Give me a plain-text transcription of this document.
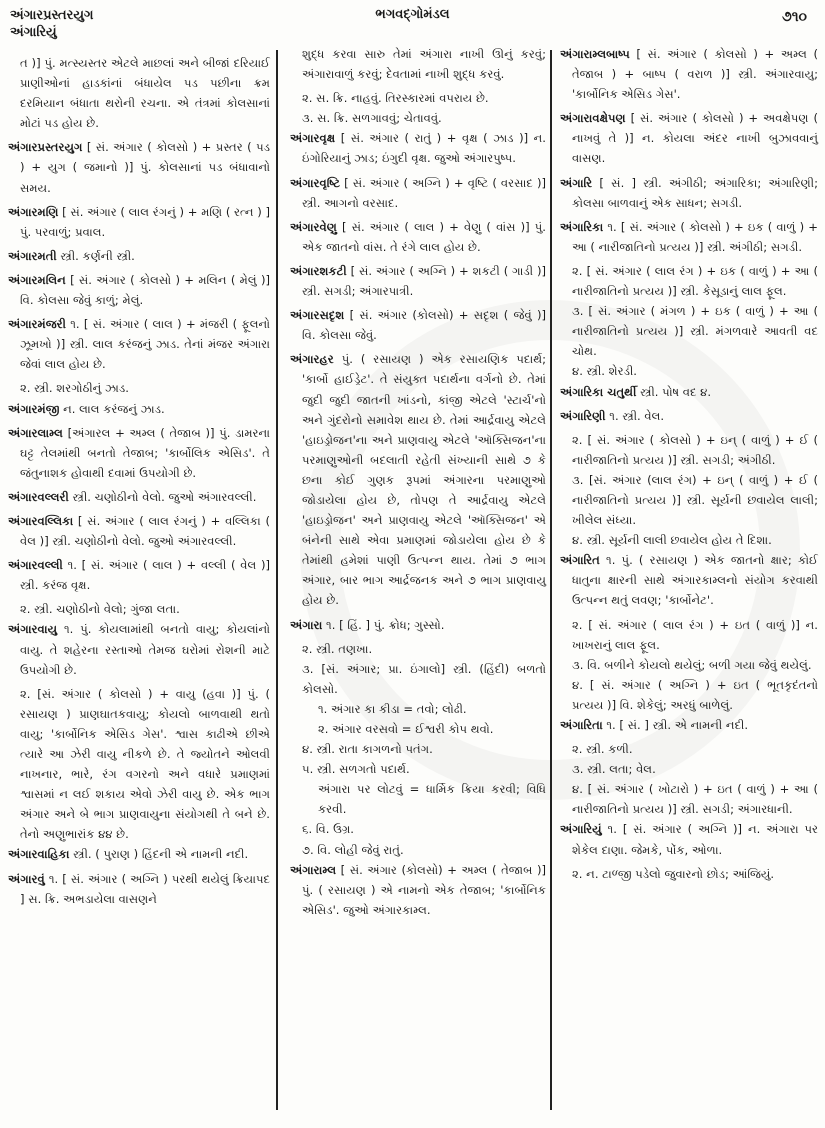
અંગારપ્રસ્તરયુગ
અંગારિયું
ભગવદ્ગોમંડલ	૭૧૦

ત )] પું. મત્સ્યસ્તર એટલે માછલાં અને બીજાં દરિયાઈ પ્રાણીઓનાં હાડકાંનાં બંધાયેલ પડ પછીના ક્રમ દરમિયાન બંધાતા થરોની રચના. એ તંત્રમાં કોલસાનાં મોટાં પડ હોય છે.

અંગારપ્રસ્તરયુગ [ સં. અંગાર ( કોલસો ) + પ્રસ્તર ( પડ ) + યુગ ( જમાનો )] પું. કોલસાનાં પડ બંધાવાનો સમય.

અંગારમણિ [ સં. અંગાર ( લાલ રંગનું ) + મણિ ( રત્ન ) ] પું. પરવાળું; પ્રવાલ.

અંગારમતી સ્ત્રી. કર્ણની સ્ત્રી.

અંગારમલિન [ સં. અંગાર ( કોલસો ) + મલિન ( મેલું )] વિ. કોલસા જેવું કાળું; મેલું.

અંગારમંજરી ૧. [ સં. અંગાર ( લાલ ) + મંજરી ( ફૂલનો ઝૂમખો )] સ્ત્રી. લાલ કરંજનું ઝાડ. તેનાં મંજર અંગારા જેવાં લાલ હોય છે.

૨. સ્ત્રી. શરગોઠીનું ઝાડ.

અંગારમંજી ન. લાલ કરંજનું ઝાડ.

અંગારલામ્લ [અંગારલ + અમ્લ ( તેજાબ )] પું. ડામરના ઘટ્ટ તેલમાંથી બનતો તેજાબ; 'કાર્બોલિક એસિડ'. તે જંતુનાશક હોવાથી દવામાં ઉપયોગી છે.

અંગારવલ્લરી સ્ત્રી. ચણોઠીનો વેલો. જુઓ અંગારવલ્લી.

અંગારવલ્લિકા [ સં. અંગાર ( લાલ રંગનું ) + વલ્લિકા ( વેલ )] સ્ત્રી. ચણોઠીનો વેલો. જુઓ અંગારવલ્લી.

અંગારવલ્લી ૧. [ સં. અંગાર ( લાલ ) + વલ્લી ( વેલ )] સ્ત્રી. કરંજ વૃક્ષ.

૨. સ્ત્રી. ચણોઠીનો વેલો; ગુંજા લતા.

અંગારવાયુ ૧. પું. કોયલામાંથી બનતો વાયુ; કોયલાંનો વાયુ. તે શહેરના રસ્તાઓ તેમજ ઘરોમાં રોશની માટે ઉપયોગી છે.

૨. [સં. અંગાર ( કોલસો ) + વાયુ (હવા )] પું. ( રસાયણ ) પ્રાણઘાતકવાયુ; કોયલો બાળવાથી થતો વાયુ; 'કાર્બોનિક એસિડ ગેસ'. શ્વાસ કાઢીએ છીએ ત્યારે આ ઝેરી વાયુ નીકળે છે. તે જ્યોતને ઓલવી નાખનાર, ભારે, રંગ વગરનો અને વધારે પ્રમાણમાં શ્વાસમાં ન લઈ શકાય એવો ઝેરી વાયુ છે. એક ભાગ અંગાર અને બે ભાગ પ્રાણવાયુના સંયોગથી તે બને છે. તેનો અણુભારાંક ૪૪ છે.

અંગારવાહિકા સ્ત્રી. ( પુરાણ ) હિંદની એ નામની નદી.

અંગારવું ૧. [ સં. અંગાર ( અગ્નિ ) પરથી થયેલું ક્રિયાપદ ] સ. ક્રિ. અભડાયેલા વાસણને

શુદ્ધ કરવા સારુ તેમાં અંગારા નાખી ઊનું કરવું; અંગારાવાળું કરવું; દેવતામાં નાખી શુદ્ધ કરવું.

૨. સ. ક્રિ. નાહવું. તિરસ્કારમાં વપરાય છે.

૩. સ. ક્રિ. સળગાવવું; ચેતાવવું.

અંગારવૃક્ષ [ સં. અંગાર ( રાતું ) + વૃક્ષ ( ઝાડ )] ન. ઇંગોરિયાનું ઝાડ; ઇંગુદી વૃક્ષ. જુઓ અંગારપુષ્પ.

અંગારવૃષ્ટિ [ સં. અંગાર ( અગ્નિ ) + વૃષ્ટિ ( વરસાદ )] સ્ત્રી. આગનો વરસાદ.

અંગારવેણુ [ સં. અંગાર ( લાલ ) + વેણુ ( વાંસ )] પું. એક જાતનો વાંસ. તે રંગે લાલ હોય છે.

અંગારશકટી [ સં. અંગાર ( અગ્નિ ) + શકટી ( ગાડી )] સ્ત્રી. સગડી; અંગારપાત્રી.

અંગારસદૃશ [ સં. અંગાર (કોલસો) + સદૃશ ( જેવું )] વિ. કોલસા જેવું.

અંગારહર પું. ( રસાયણ ) એક રસાયણિક પદાર્થ; 'કાર્બો હાઈડ્રેટ'. તે સંયુક્ત પદાર્થના વર્ગનો છે. તેમાં જુદી જુદી જાતની ખાંડનો, કાંજી એટલે 'સ્ટાર્ચ'નો અને ગુંદરોનો સમાવેશ થાય છે. તેમાં આર્દ્રવાયુ એટલે 'હાઇડ્રોજન'ના અને પ્રાણવાયુ એટલે 'ઑક્સિજન'ના પરમાણુઓની બદલાતી રહેતી સંખ્યાની સાથે ૭ કે છના કોઈ ગુણક રૂપમાં અંગારના પરમાણુઓ જોડાયેલા હોય છે, તોપણ તે આર્દ્રવાયુ એટલે 'હાઇડ્રોજન' અને પ્રાણવાયુ એટલે 'ઑક્સિજન' એ બંનેની સાથે એવા પ્રમાણમાં જોડાયેલા હોય છે કે તેમાંથી હમેશાં પાણી ઉત્પન્ન થાય. તેમાં ૭ ભાગ અંગાર, બાર ભાગ આર્દ્રજનક અને ૭ ભાગ પ્રાણવાયુ હોય છે.

અંગારા ૧. [ હિં. ] પું. ક્રોધ; ગુસ્સો.

૨. સ્ત્રી. તણખા.

૩. [સં. અંગાર; પ્રા. ઇંગાલો] સ્ત્રી. (હિંદી) બળતો કોલસો.

૧. અંગાર કા કીડા = તવો; લોઢી.

૨. અંગાર વરસવો = ઈશ્વરી કોપ થવો.

૪. સ્ત્રી. રાતા કાગળનો પતંગ.

૫. સ્ત્રી. સળગતો પદાર્થ.

અંગારા પર લોટવું = ધાર્મિક ક્રિયા કરવી; વિધિ કરવી.

૬. વિ. ઉગ્ર.

૭. વિ. લોહી જેવું રાતું.

અંગારામ્લ [ સં. અંગાર (કોલસો) + અમ્લ ( તેજાબ )] પું. ( રસાયણ ) એ નામનો એક તેજાબ; 'કાર્બોનિક એસિડ'. જુઓ અંગારકામ્લ.

અંગારામ્લબાષ્પ [ સં. અંગાર ( કોલસો ) + અમ્લ ( તેજાબ ) + બાષ્પ ( વરાળ )] સ્ત્રી. અંગારવાયુ; 'કાર્બોનિક એસિડ ગેસ'.

અંગારાવક્ષેપણ [ સં. અંગાર ( કોલસો ) + અવક્ષેપણ ( નાખવું તે )] ન. કોયલા અંદર નાખી બુઝાવવાનું વાસણ.

અંગારિ [ સં. ] સ્ત્રી. અંગીઠી; અંગારિકા; અંગારિણી; કોલસા બાળવાનું એક સાધન; સગડી.

અંગારિકા ૧. [ સં. અંગાર ( કોલસો ) + ઇક ( વાળું ) + આ ( નારીજાતિનો પ્રત્યય )] સ્ત્રી. અંગીઠી; સગડી.

૨. [ સં. અંગાર ( લાલ રંગ ) + ઇક ( વાળું ) + આ ( નારીજાતિનો પ્રત્યય )] સ્ત્રી. કેસૂડાનું લાલ ફૂલ.

૩. [ સં. અંગાર ( મંગળ ) + ઇક ( વાળું ) + આ ( નારીજાતિનો પ્રત્યય )] સ્ત્રી. મંગળવારે આવતી વદ ચોથ.

૪. સ્ત્રી. શેરડી.

અંગારિકા ચતુર્થી સ્ત્રી. પોષ વદ ૪.

અંગારિણી ૧. સ્ત્રી. વેલ.

૨. [ સં. અંગાર ( કોલસો ) + ઇન્ ( વાળું ) + ઈ ( નારીજાતિનો પ્રત્યય )] સ્ત્રી. સગડી; અંગીઠી.

૩. [સં. અંગાર (લાલ રંગ) + ઇન્ ( વાળું ) + ઈ ( નારીજાતિનો પ્રત્યય )] સ્ત્રી. સૂર્યની છવાયેલ લાલી; ખીલેલ સંધ્યા.

૪. સ્ત્રી. સૂર્યની લાલી છવાયેલ હોય તે દિશા.

અંગારિત ૧. પું. ( રસાયણ ) એક જાતનો ક્ષાર; કોઈ ધાતુના ક્ષારની સાથે અંગારકામ્લનો સંયોગ કરવાથી ઉત્પન્ન થતું લવણ; 'કાર્બોનેટ'.

૨. [ સં. અંગાર ( લાલ રંગ ) + ઇત ( વાળું )] ન. ખાખરાનું લાલ ફૂલ.

૩. વિ. બળીને કોયલો થયેલું; બળી ગયા જેવું થયેલું.

૪. [ સં. અંગાર ( અગ્નિ ) + ઇત ( ભૂતકૃદંતનો પ્રત્યય )] વિ. શેકેલું; અરધું બાળેલું.

અંગારિતા ૧. [ સં. ] સ્ત્રી. એ નામની નદી.

૨. સ્ત્રી. કળી.

૩. સ્ત્રી. લતા; વેલ.

૪. [ સં. અંગાર ( ખોટારો ) + ઇત ( વાળું ) + આ ( નારીજાતિનો પ્રત્યય )] સ્ત્રી. સગડી; અંગારધાની.

અંગારિયું ૧. [ સં. અંગાર ( અગ્નિ )] ન. અંગારા પર શેકેલ દાણા. જેમકે, પોંક, ઓળા.

૨. ન. ટાળ્જી પડેલો જુવારનો છોડ; આંજિયું.
